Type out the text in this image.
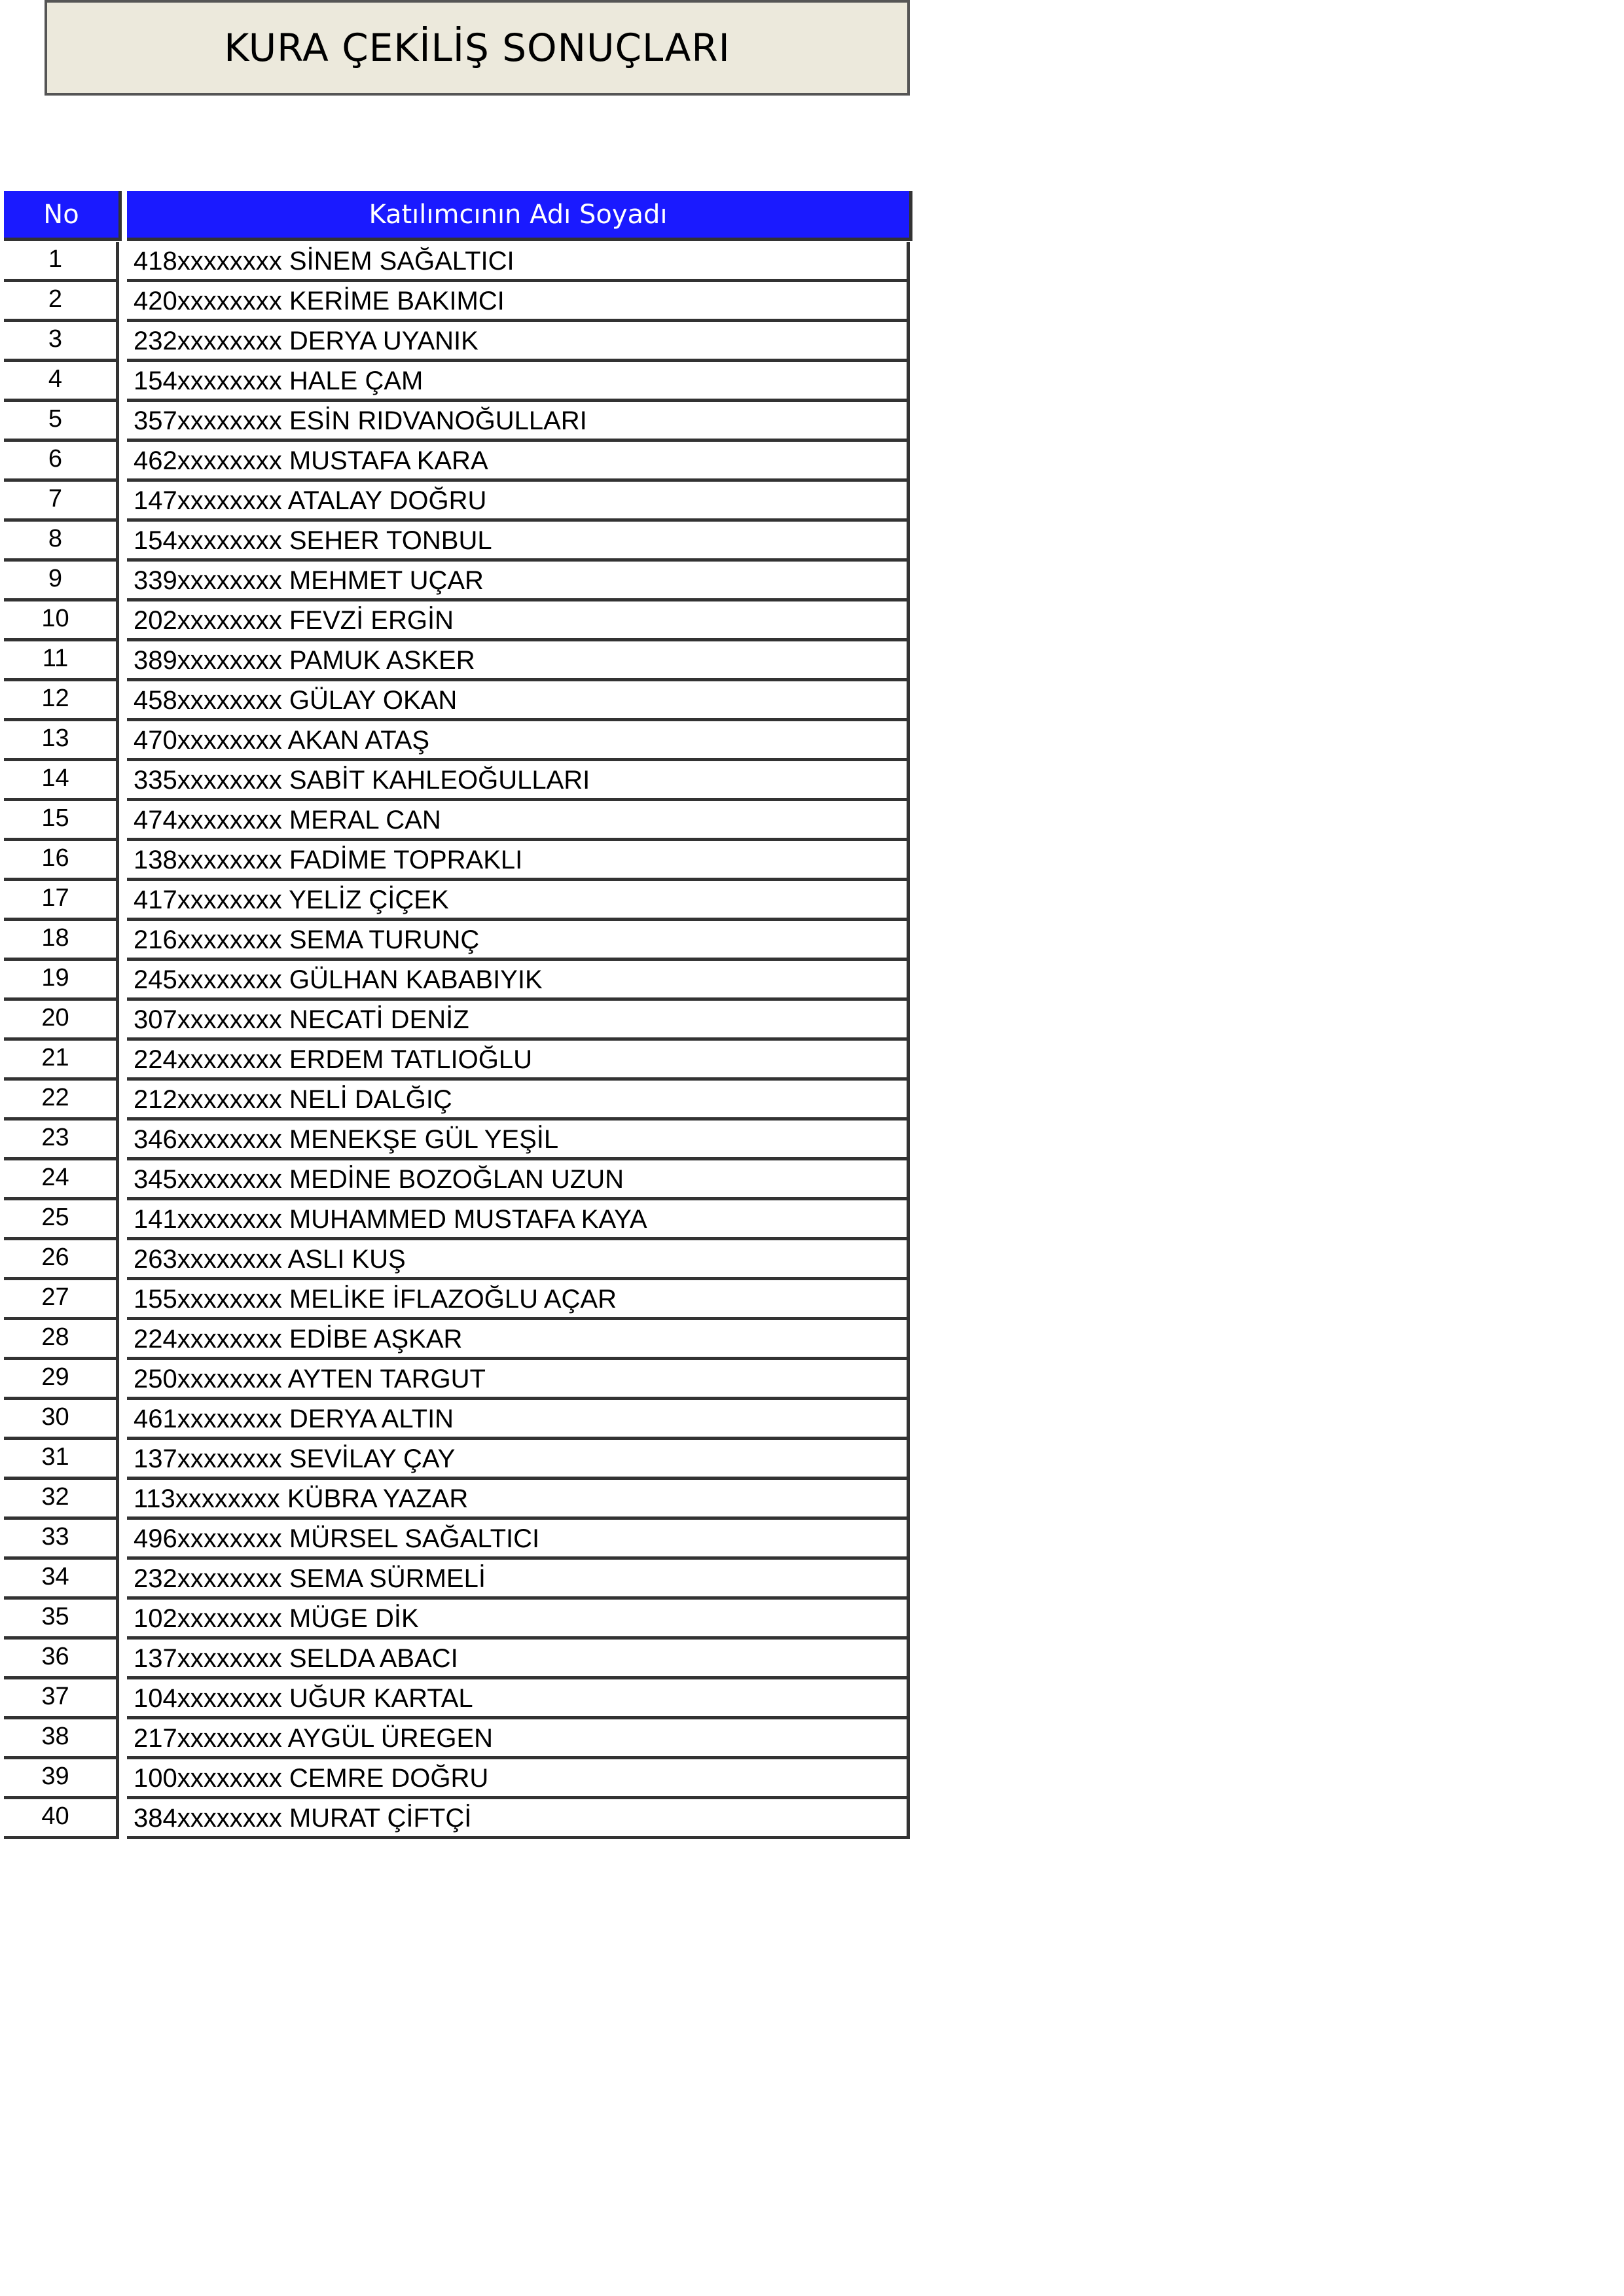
KURA ÇEKİLİŞ SONUÇLARI
No	Katılımcının Adı Soyadı
1	418xxxxxxxx SİNEM SAĞALTICI
2	420xxxxxxxx KERİME BAKIMCI
3	232xxxxxxxx DERYA UYANIK
4	154xxxxxxxx HALE ÇAM
5	357xxxxxxxx ESİN RIDVANOĞULLARI
6	462xxxxxxxx MUSTAFA KARA
7	147xxxxxxxx ATALAY DOĞRU
8	154xxxxxxxx SEHER TONBUL
9	339xxxxxxxx MEHMET UÇAR
10	202xxxxxxxx FEVZİ ERGİN
11	389xxxxxxxx PAMUK ASKER
12	458xxxxxxxx GÜLAY OKAN
13	470xxxxxxxx AKAN ATAŞ
14	335xxxxxxxx SABİT KAHLEOĞULLARI
15	474xxxxxxxx MERAL CAN
16	138xxxxxxxx FADİME TOPRAKLI
17	417xxxxxxxx YELİZ ÇİÇEK
18	216xxxxxxxx SEMA TURUNÇ
19	245xxxxxxxx GÜLHAN KABABIYIK
20	307xxxxxxxx NECATİ DENİZ
21	224xxxxxxxx ERDEM TATLIOĞLU
22	212xxxxxxxx NELİ DALĞIÇ
23	346xxxxxxxx MENEKŞE GÜL YEŞİL
24	345xxxxxxxx MEDİNE BOZOĞLAN UZUN
25	141xxxxxxxx MUHAMMED MUSTAFA KAYA
26	263xxxxxxxx ASLI KUŞ
27	155xxxxxxxx MELİKE İFLAZOĞLU AÇAR
28	224xxxxxxxx EDİBE AŞKAR
29	250xxxxxxxx AYTEN TARGUT
30	461xxxxxxxx DERYA ALTIN
31	137xxxxxxxx SEVİLAY ÇAY
32	113xxxxxxxx KÜBRA YAZAR
33	496xxxxxxxx MÜRSEL SAĞALTICI
34	232xxxxxxxx SEMA SÜRMELİ
35	102xxxxxxxx MÜGE DİK
36	137xxxxxxxx SELDA ABACI
37	104xxxxxxxx UĞUR KARTAL
38	217xxxxxxxx AYGÜL ÜREGEN
39	100xxxxxxxx CEMRE DOĞRU
40	384xxxxxxxx MURAT ÇİFTÇİ
